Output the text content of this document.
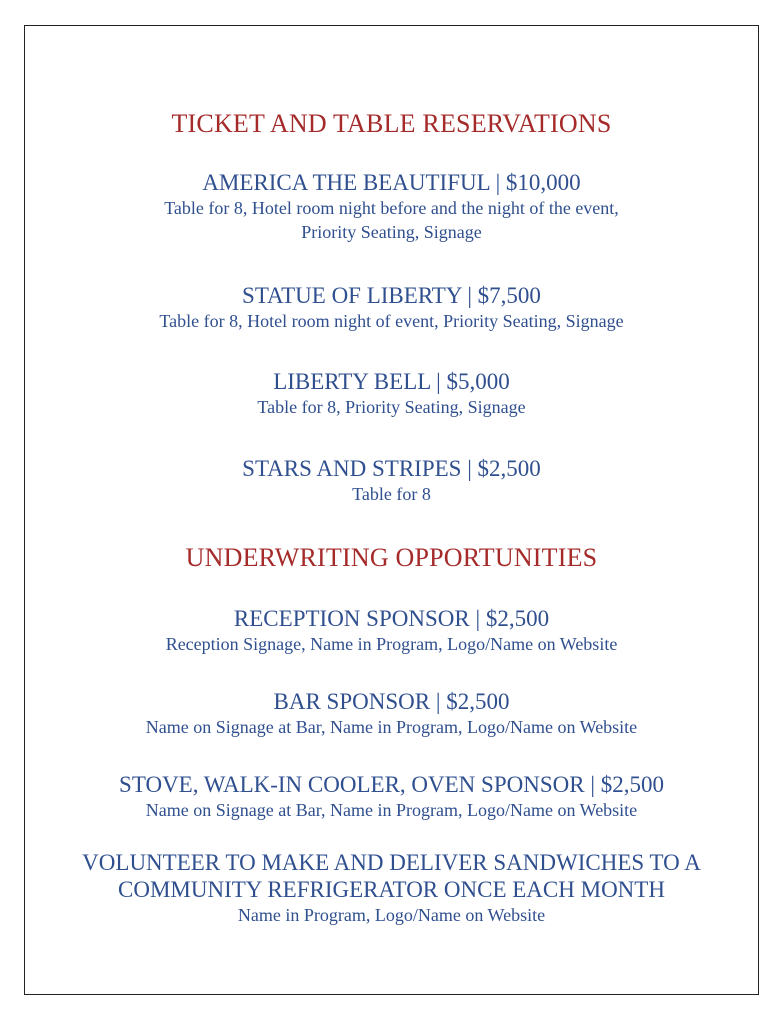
TICKET AND TABLE RESERVATIONS
AMERICA THE BEAUTIFUL | $10,000
Table for 8, Hotel room night before and the night of the event,
Priority Seating, Signage
STATUE OF LIBERTY | $7,500
Table for 8, Hotel room night of event, Priority Seating, Signage
LIBERTY BELL | $5,000
Table for 8, Priority Seating, Signage
STARS AND STRIPES | $2,500
Table for 8
UNDERWRITING OPPORTUNITIES
RECEPTION SPONSOR | $2,500
Reception Signage, Name in Program, Logo/Name on Website
BAR SPONSOR | $2,500
Name on Signage at Bar, Name in Program, Logo/Name on Website
STOVE, WALK-IN COOLER, OVEN SPONSOR | $2,500
Name on Signage at Bar, Name in Program, Logo/Name on Website
VOLUNTEER TO MAKE AND DELIVER SANDWICHES TO A
COMMUNITY REFRIGERATOR ONCE EACH MONTH
Name in Program, Logo/Name on Website
